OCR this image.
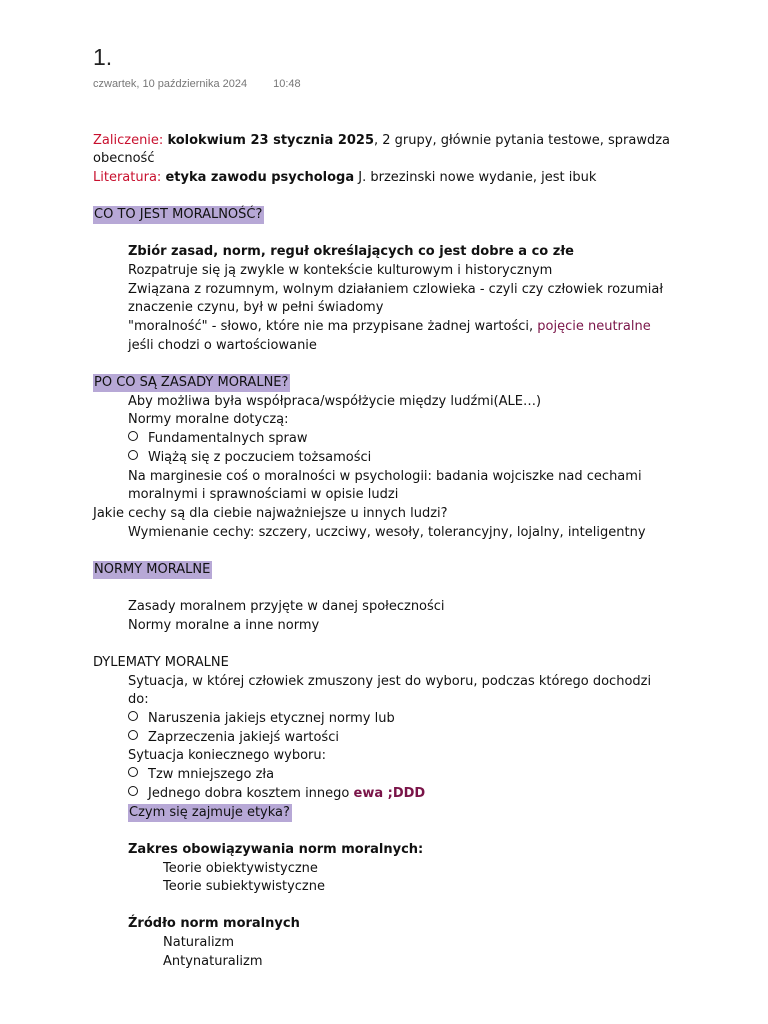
1.
czwartek, 10 października 2024 10:48
Zaliczenie: kolokwium 23 stycznia 2025, 2 grupy, głównie pytania testowe, sprawdza
obecność
Literatura: etyka zawodu psychologa J. brzezinski nowe wydanie, jest ibuk
CO TO JEST MORALNOŚĆ?
Zbiór zasad, norm, reguł określających co jest dobre a co złe
Rozpatruje się ją zwykle w kontekście kulturowym i historycznym
Związana z rozumnym, wolnym działaniem czlowieka - czyli czy człowiek rozumiał
znaczenie czynu, był w pełni świadomy
"moralność" - słowo, które nie ma przypisane żadnej wartości, pojęcie neutralne
jeśli chodzi o wartościowanie
PO CO SĄ ZASADY MORALNE?
Aby możliwa była współpraca/współżycie między ludźmi(ALE…)
Normy moralne dotyczą:
Fundamentalnych spraw
Wiążą się z poczuciem tożsamości
Na marginesie coś o moralności w psychologii: badania wojciszke nad cechami
moralnymi i sprawnościami w opisie ludzi
Jakie cechy są dla ciebie najważniejsze u innych ludzi?
Wymienanie cechy: szczery, uczciwy, wesoły, tolerancyjny, lojalny, inteligentny
NORMY MORALNE
Zasady moralnem przyjęte w danej społeczności
Normy moralne a inne normy
DYLEMATY MORALNE
Sytuacja, w której człowiek zmuszony jest do wyboru, podczas którego dochodzi
do:
Naruszenia jakiejs etycznej normy lub
Zaprzeczenia jakiejś wartości
Sytuacja koniecznego wyboru:
Tzw mniejszego zła
Jednego dobra kosztem innego ewa ;DDD
Czym się zajmuje etyka?
Zakres obowiązywania norm moralnych:
Teorie obiektywistyczne
Teorie subiektywistyczne
Źródło norm moralnych
Naturalizm
Antynaturalizm
